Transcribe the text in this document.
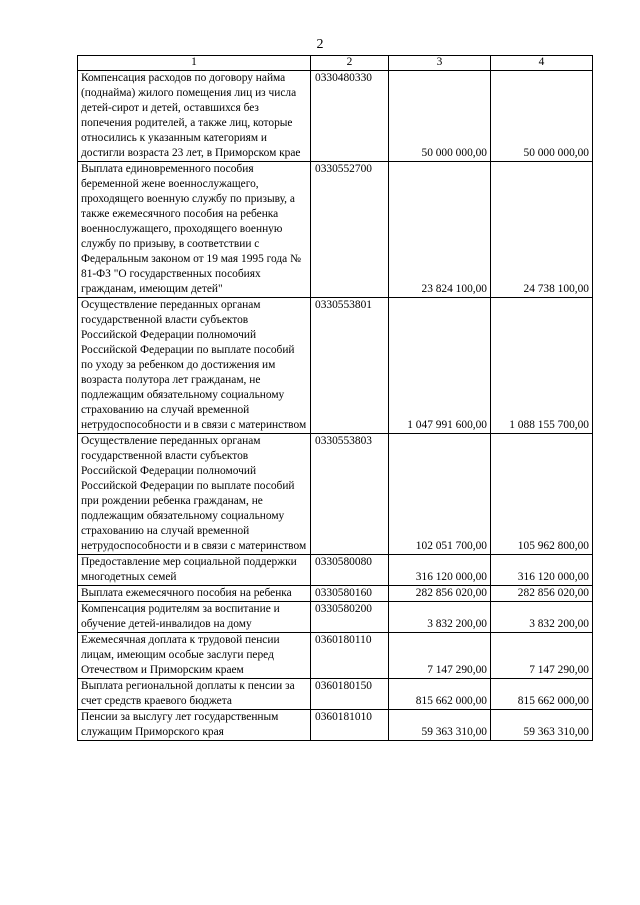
2
1	2	3	4
Компенсация расходов по договору найма (поднайма) жилого помещения лиц из числа детей-сирот и детей, оставшихся без попечения родителей, а также лиц, которые относились к указанным категориям и достигли возраста 23 лет, в Приморском крае	0330480330	50 000 000,00	50 000 000,00
Выплата единовременного пособия беременной жене военнослужащего, проходящего военную службу по призыву, а также ежемесячного пособия на ребенка военнослужащего, проходящего военную службу по призыву, в соответствии с Федеральным законом от 19 мая 1995 года № 81-ФЗ "О государственных пособиях гражданам, имеющим детей"	0330552700	23 824 100,00	24 738 100,00
Осуществление переданных органам государственной власти субъектов Российской Федерации полномочий Российской Федерации по выплате пособий по уходу за ребенком до достижения им возраста полутора лет гражданам, не подлежащим обязательному социальному страхованию на случай временной нетрудоспособности и в связи с материнством	0330553801	1 047 991 600,00	1 088 155 700,00
Осуществление переданных органам государственной власти субъектов Российской Федерации полномочий Российской Федерации по выплате пособий при рождении ребенка гражданам, не подлежащим обязательному социальному страхованию на случай временной нетрудоспособности и в связи с материнством	0330553803	102 051 700,00	105 962 800,00
Предоставление мер социальной поддержки многодетных семей	0330580080	316 120 000,00	316 120 000,00
Выплата ежемесячного пособия на ребенка	0330580160	282 856 020,00	282 856 020,00
Компенсация родителям за воспитание и обучение детей-инвалидов на дому	0330580200	3 832 200,00	3 832 200,00
Ежемесячная доплата к трудовой пенсии лицам, имеющим особые заслуги перед Отечеством и Приморским краем	0360180110	7 147 290,00	7 147 290,00
Выплата региональной доплаты к пенсии за счет средств краевого бюджета	0360180150	815 662 000,00	815 662 000,00
Пенсии за выслугу лет государственным служащим Приморского края	0360181010	59 363 310,00	59 363 310,00
